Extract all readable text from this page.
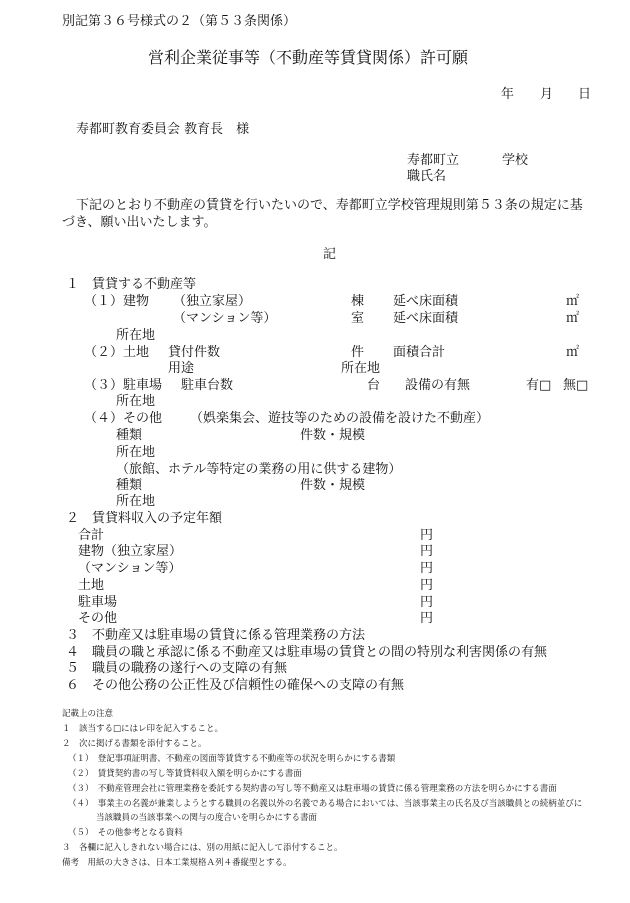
別記第３６号様式の２（第５３条関係）
営利企業従事等（不動産等賃貸関係）許可願
年 月 日
寿都町教育委員会 教育長　様
寿都町立	学校
職氏名
下記のとおり不動産の賃貸を行いたいので、寿都町立学校管理規則第５３条の規定に基
づき、願い出いたします。
記
１　賃貸する不動産等
（１）建物 （独立家屋）	棟 延べ床面積	㎡
（マンション等）	室 延べ床面積	㎡
所在地
（２）土地 貸付件数	件 面積合計	㎡
用途	所在地
（３）駐車場 駐車台数	台 設備の有無	有□ 無□
所在地
（４）その他 （娯楽集会、遊技等のための設備を設けた不動産）
種類	件数・規模
所在地
（旅館、ホテル等特定の業務の用に供する建物）
種類	件数・規模
所在地
２　賃貸料収入の予定年額
合計	円
建物（独立家屋）	円
（マンション等）	円
土地	円
駐車場	円
その他	円
３　不動産又は駐車場の賃貸に係る管理業務の方法
４　職員の職と承認に係る不動産又は駐車場の賃貸との間の特別な利害関係の有無
５　職員の職務の遂行への支障の有無
６　その他公務の公正性及び信頼性の確保への支障の有無
記載上の注意
１　該当する□にはレ印を記入すること。
２　次に掲げる書類を添付すること。
（１）　登記事項証明書、不動産の図面等賃貸する不動産等の状況を明らかにする書類
（２）　賃貸契約書の写し等賃貸料収入額を明らかにする書面
（３）　不動産管理会社に管理業務を委託する契約書の写し等不動産又は駐車場の賃貸に係る管理業務の方法を明らかにする書面
（４）　事業主の名義が兼業しようとする職員の名義以外の名義である場合においては、当該事業主の氏名及び当該職員との続柄並びに
当該職員の当該事業への関与の度合いを明らかにする書面
（５）　その他参考となる資料
３　各欄に記入しきれない場合には、別の用紙に記入して添付すること。
備考　用紙の大きさは、日本工業規格Ａ列４番縦型とする。
